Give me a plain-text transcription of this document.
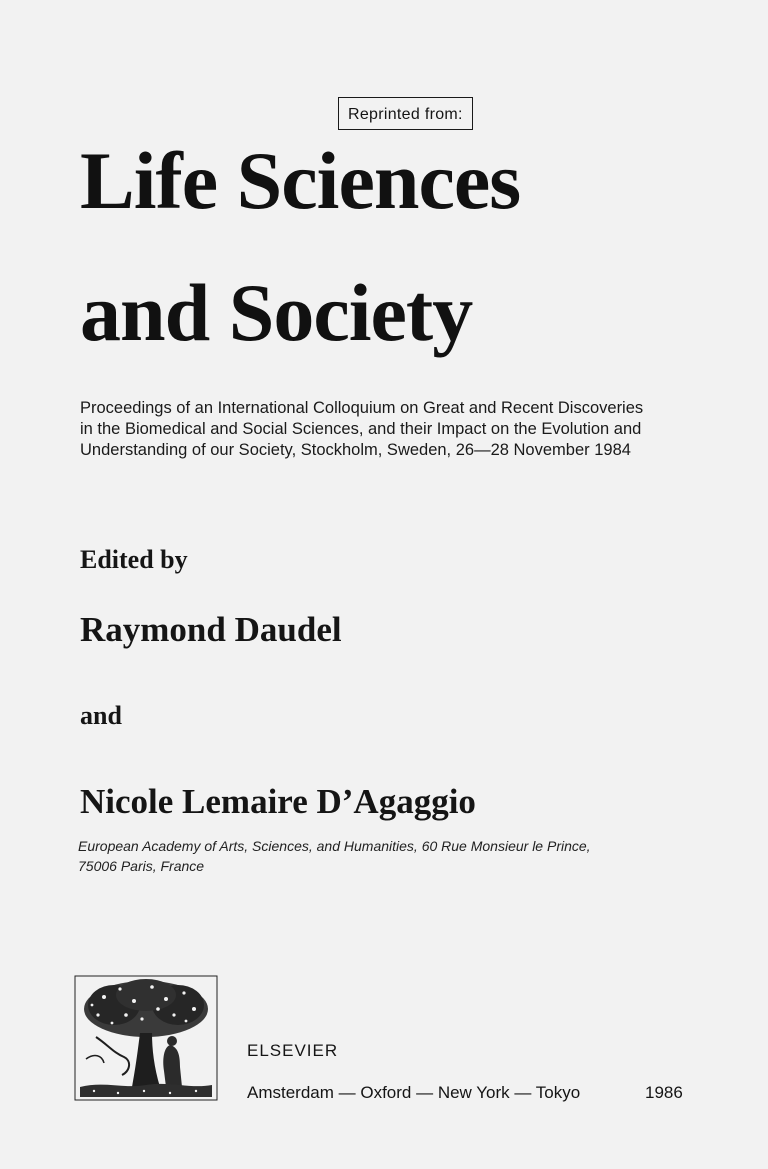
Reprinted from:
Life Sciences
and Society
Proceedings of an International Colloquium on Great and Recent Discoveries
in the Biomedical and Social Sciences, and their Impact on the Evolution and
Understanding of our Society, Stockholm, Sweden, 26—28 November 1984
Edited by
Raymond Daudel
and
Nicole Lemaire D’Agaggio
European Academy of Arts, Sciences, and Humanities, 60 Rue Monsieur le Prince,
75006 Paris, France
ELSEVIER
Amsterdam — Oxford — New York — Tokyo	1986
